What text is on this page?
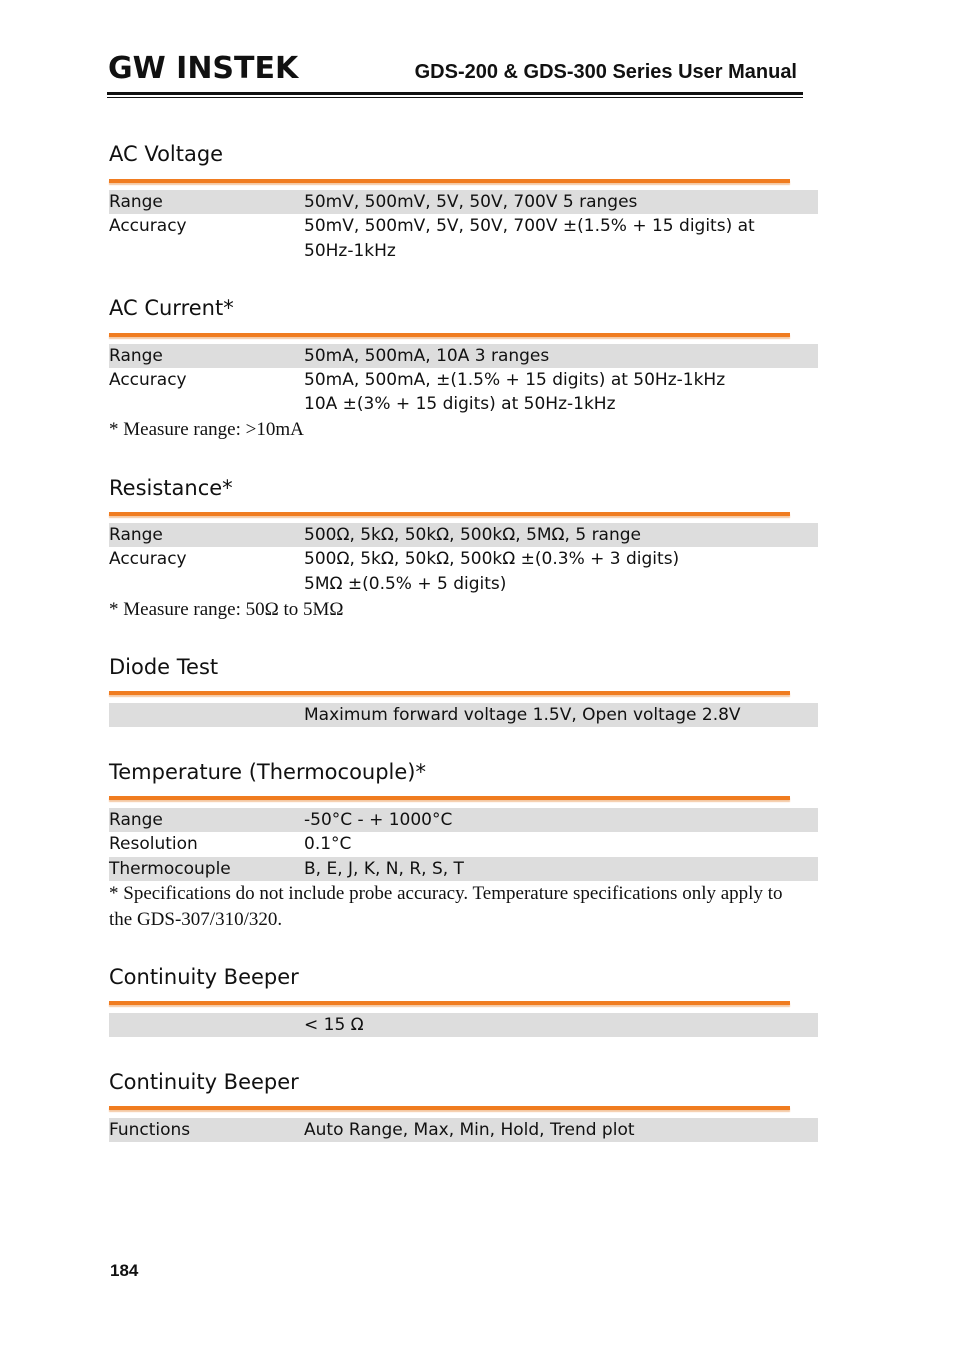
GW INSTEK	GDS-200 & GDS-300 Series User Manual
AC Voltage
Range	50mV, 500mV, 5V, 50V, 700V 5 ranges
Accuracy	50mV, 500mV, 5V, 50V, 700V ±(1.5% + 15 digits) at 50Hz-1kHz
AC Current*
Range	50mA, 500mA, 10A 3 ranges
Accuracy	50mA, 500mA, ±(1.5% + 15 digits) at 50Hz-1kHz
10A ±(3% + 15 digits) at 50Hz-1kHz
* Measure range: >10mA
Resistance*
Range	500Ω, 5kΩ, 50kΩ, 500kΩ, 5MΩ, 5 range
Accuracy	500Ω, 5kΩ, 50kΩ, 500kΩ ±(0.3% + 3 digits)
5MΩ ±(0.5% + 5 digits)
* Measure range: 50Ω to 5MΩ
Diode Test
Maximum forward voltage 1.5V, Open voltage 2.8V
Temperature (Thermocouple)*
Range	-50°C - + 1000°C
Resolution	0.1°C
Thermocouple	B, E, J, K, N, R, S, T
* Specifications do not include probe accuracy. Temperature specifications only apply to the GDS-307/310/320.
Continuity Beeper
< 15 Ω
Continuity Beeper
Functions	Auto Range, Max, Min, Hold, Trend plot
184
